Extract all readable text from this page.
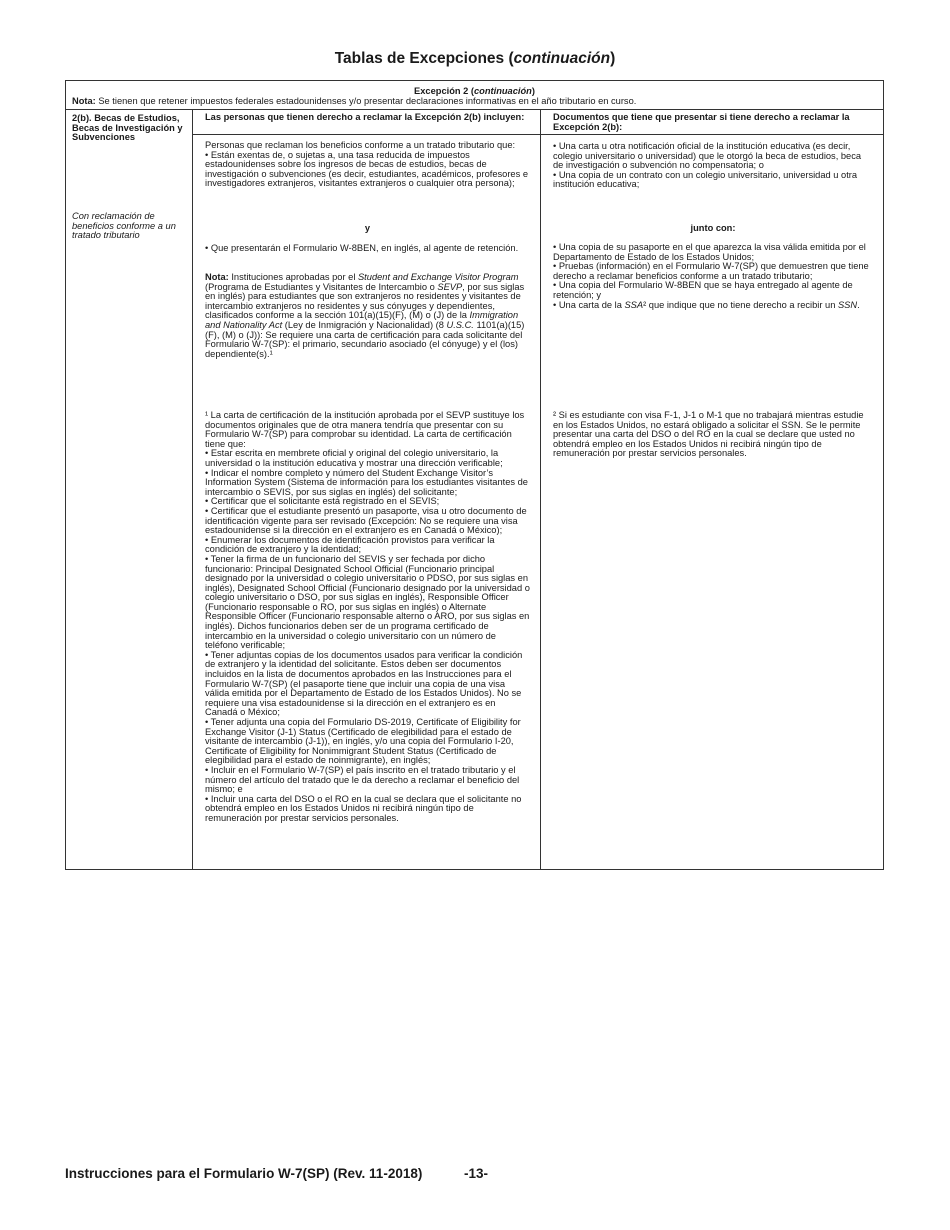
Tablas de Excepciones (continuación)
Excepción 2 (continuación)
Nota: Se tienen que retener impuestos federales estadounidenses y/o presentar declaraciones informativas en el año tributario en curso.
2(b). Becas de Estudios, Becas de Investigación y Subvenciones
Con reclamación de beneficios conforme a un tratado tributario
Las personas que tienen derecho a reclamar la Excepción 2(b) incluyen:
Personas que reclaman los beneficios conforme a un tratado tributario que:
• Están exentas de, o sujetas a, una tasa reducida de impuestos estadounidenses sobre los ingresos de becas de estudios, becas de investigación o subvenciones (es decir, estudiantes, académicos, profesores e investigadores extranjeros, visitantes extranjeros o cualquier otra persona);
y
• Que presentarán el Formulario W-8BEN, en inglés, al agente de retención.
Nota: Instituciones aprobadas por el Student and Exchange Visitor Program (Programa de Estudiantes y Visitantes de Intercambio o SEVP, por sus siglas en inglés) para estudiantes que son extranjeros no residentes y visitantes de intercambio extranjeros no residentes y sus cónyuges y dependientes, clasificados conforme a la sección 101(a)(15)(F), (M) o (J) de la Immigration and Nationality Act (Ley de Inmigración y Nacionalidad) (8 U.S.C. 1101(a)(15)(F), (M) o (J)): Se requiere una carta de certificación para cada solicitante del Formulario W-7(SP): el primario, secundario asociado (el cónyuge) y el (los) dependiente(s).¹
¹ La carta de certificación de la institución aprobada por el SEVP sustituye los documentos originales que de otra manera tendría que presentar con su Formulario W-7(SP) para comprobar su identidad. La carta de certificación tiene que:
• Estar escrita en membrete oficial y original del colegio universitario, la universidad o la institución educativa y mostrar una dirección verificable;
• Indicar el nombre completo y número del Student Exchange Visitor’s Information System (Sistema de información para los estudiantes visitantes de intercambio o SEVIS, por sus siglas en inglés) del solicitante;
• Certificar que el solicitante está registrado en el SEVIS;
• Certificar que el estudiante presentó un pasaporte, visa u otro documento de identificación vigente para ser revisado (Excepción: No se requiere una visa estadounidense si la dirección en el extranjero es en Canadá o México);
• Enumerar los documentos de identificación provistos para verificar la condición de extranjero y la identidad;
• Tener la firma de un funcionario del SEVIS y ser fechada por dicho funcionario: Principal Designated School Official (Funcionario principal designado por la universidad o colegio universitario o PDSO, por sus siglas en inglés), Designated School Official (Funcionario designado por la universidad o colegio universitario o DSO, por sus siglas en inglés), Responsible Officer (Funcionario responsable o RO, por sus siglas en inglés) o Alternate Responsible Officer (Funcionario responsable alterno o ARO, por sus siglas en inglés). Dichos funcionarios deben ser de un programa certificado de intercambio en la universidad o colegio universitario con un número de teléfono verificable;
• Tener adjuntas copias de los documentos usados para verificar la condición de extranjero y la identidad del solicitante. Estos deben ser documentos incluidos en la lista de documentos aprobados en las Instrucciones para el Formulario W-7(SP) (el pasaporte tiene que incluir una copia de una visa válida emitida por el Departamento de Estado de los Estados Unidos). No se requiere una visa estadounidense si la dirección en el extranjero es en Canadá o México;
• Tener adjunta una copia del Formulario DS-2019, Certificate of Eligibility for Exchange Visitor (J-1) Status (Certificado de elegibilidad para el estado de visitante de intercambio (J-1)), en inglés, y/o una copia del Formulario I-20, Certificate of Eligibility for Nonimmigrant Student Status (Certificado de elegibilidad para el estado de noinmigrante), en inglés;
• Incluir en el Formulario W-7(SP) el país inscrito en el tratado tributario y el número del artículo del tratado que le da derecho a reclamar el beneficio del mismo; e
• Incluir una carta del DSO o el RO en la cual se declara que el solicitante no obtendrá empleo en los Estados Unidos ni recibirá ningún tipo de remuneración por prestar servicios personales.
Documentos que tiene que presentar si tiene derecho a reclamar la Excepción 2(b):
• Una carta u otra notificación oficial de la institución educativa (es decir, colegio universitario o universidad) que le otorgó la beca de estudios, beca de investigación o subvención no compensatoria; o
• Una copia de un contrato con un colegio universitario, universidad u otra institución educativa;
junto con:
• Una copia de su pasaporte en el que aparezca la visa válida emitida por el Departamento de Estado de los Estados Unidos;
• Pruebas (información) en el Formulario W-7(SP) que demuestren que tiene derecho a reclamar beneficios conforme a un tratado tributario;
• Una copia del Formulario W-8BEN que se haya entregado al agente de retención; y
• Una carta de la SSA² que indique que no tiene derecho a recibir un SSN.
² Si es estudiante con visa F-1, J-1 o M-1 que no trabajará mientras estudie en los Estados Unidos, no estará obligado a solicitar el SSN. Se le permite presentar una carta del DSO o del RO en la cual se declare que usted no obtendrá empleo en los Estados Unidos ni recibirá ningún tipo de remuneración por prestar servicios personales.
Instrucciones para el Formulario W-7(SP) (Rev. 11-2018)	-13-
